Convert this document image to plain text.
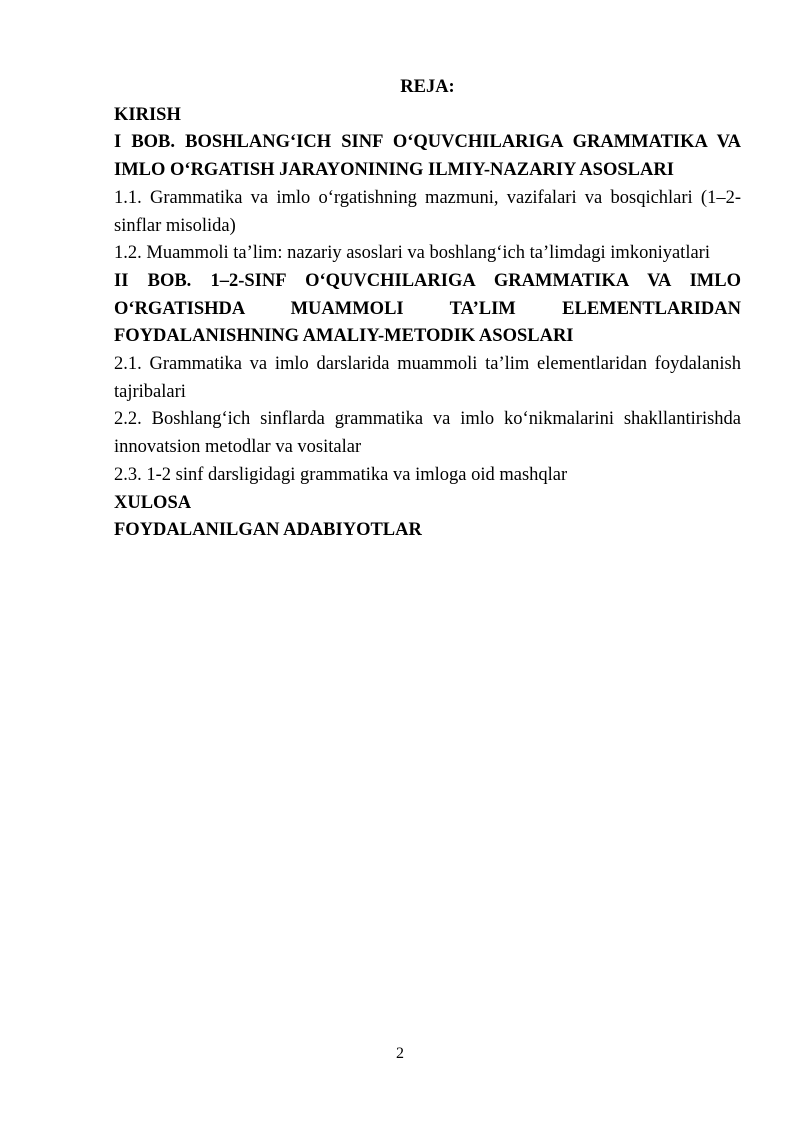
REJA:

KIRISH

I BOB. BOSHLANG‘ICH SINF O‘QUVCHILARIGA GRAMMATIKA VA IMLO O‘RGATISH JARAYONINING ILMIY-NAZARIY ASOSLARI

1.1. Grammatika va imlo o‘rgatishning mazmuni, vazifalari va bosqichlari (1–2-sinflar misolida)

1.2. Muammoli ta’lim: nazariy asoslari va boshlang‘ich ta’limdagi imkoniyatlari

II BOB. 1–2-SINF O‘QUVCHILARIGA GRAMMATIKA VA IMLO
O‘RGATISHDA MUAMMOLI TA’LIM ELEMENTLARIDAN
FOYDALANISHNING AMALIY-METODIK ASOSLARI

2.1. Grammatika va imlo darslarida muammoli ta’lim elementlaridan foydalanish tajribalari

2.2. Boshlang‘ich sinflarda grammatika va imlo ko‘nikmalarini shakllantirishda innovatsion metodlar va vositalar

2.3. 1-2 sinf darsligidagi grammatika va imloga oid mashqlar

XULOSA

FOYDALANILGAN ADABIYOTLAR

2
